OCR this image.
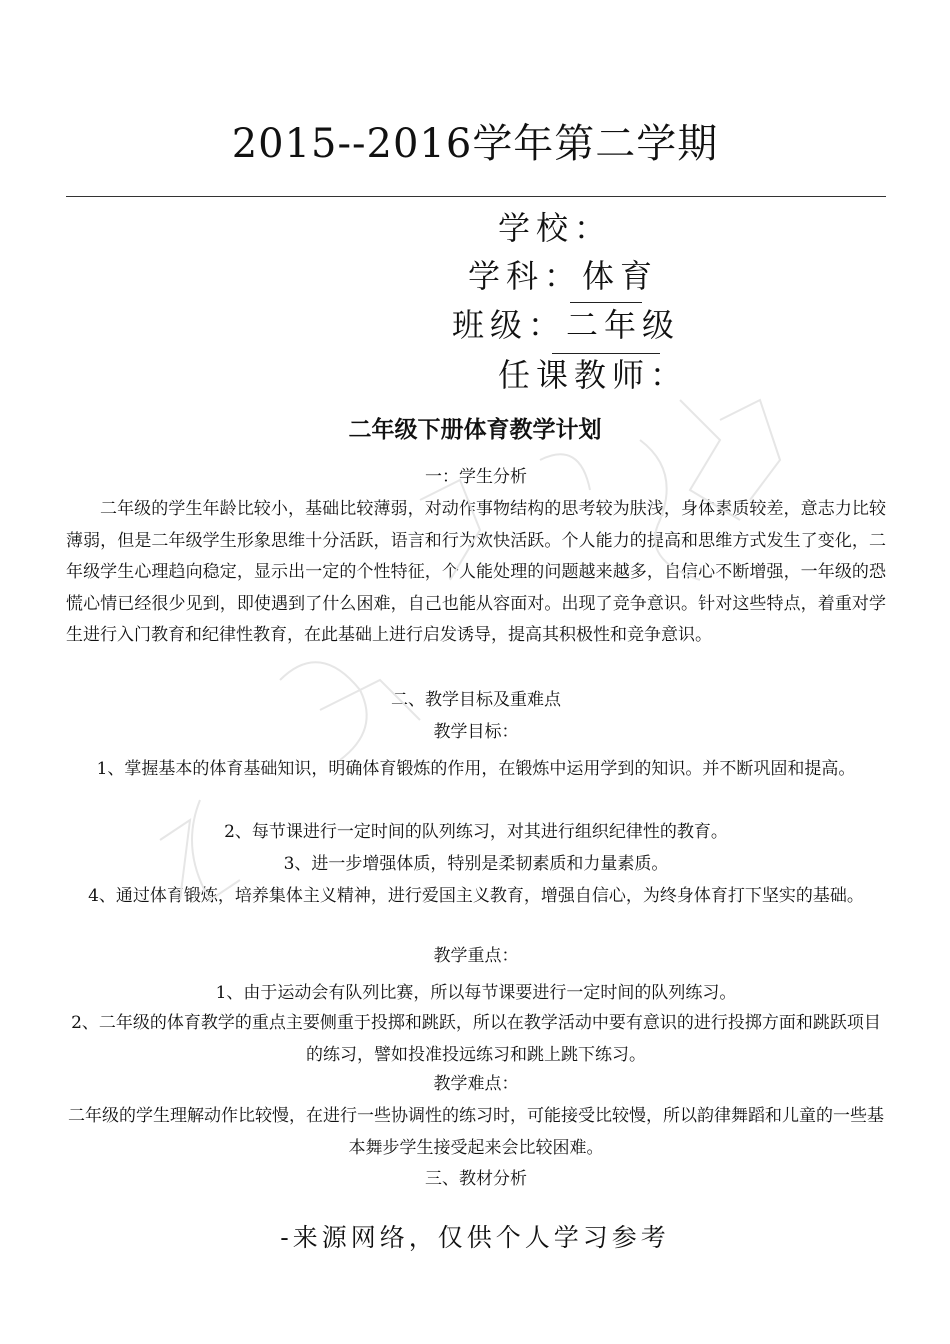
2015--2016学年第二学期
学校：
学科：体育
班级：二年级
任课教师：
二年级下册体育教学计划
一：学生分析
二年级的学生年龄比较小，基础比较薄弱，对动作事物结构的思考较为肤浅，身体素质较差，意志力比较薄弱，但是二年级学生形象思维十分活跃，语言和行为欢快活跃。个人能力的提高和思维方式发生了变化，二年级学生心理趋向稳定，显示出一定的个性特征，个人能处理的问题越来越多，自信心不断增强，一年级的恐慌心情已经很少见到，即使遇到了什么困难，自己也能从容面对。出现了竞争意识。针对这些特点，着重对学生进行入门教育和纪律性教育，在此基础上进行启发诱导，提高其积极性和竞争意识。
二、教学目标及重难点
教学目标：
1、掌握基本的体育基础知识，明确体育锻炼的作用，在锻炼中运用学到的知识。并不断巩固和提高。
2、每节课进行一定时间的队列练习，对其进行组织纪律性的教育。
3、进一步增强体质，特别是柔韧素质和力量素质。
4、通过体育锻炼，培养集体主义精神，进行爱国主义教育，增强自信心，为终身体育打下坚实的基础。
教学重点：
1、由于运动会有队列比赛，所以每节课要进行一定时间的队列练习。
2、二年级的体育教学的重点主要侧重于投掷和跳跃，所以在教学活动中要有意识的进行投掷方面和跳跃项目的练习，譬如投准投远练习和跳上跳下练习。
教学难点：
二年级的学生理解动作比较慢，在进行一些协调性的练习时，可能接受比较慢，所以韵律舞蹈和儿童的一些基本舞步学生接受起来会比较困难。
三、教材分析
-来源网络，仅供个人学习参考
